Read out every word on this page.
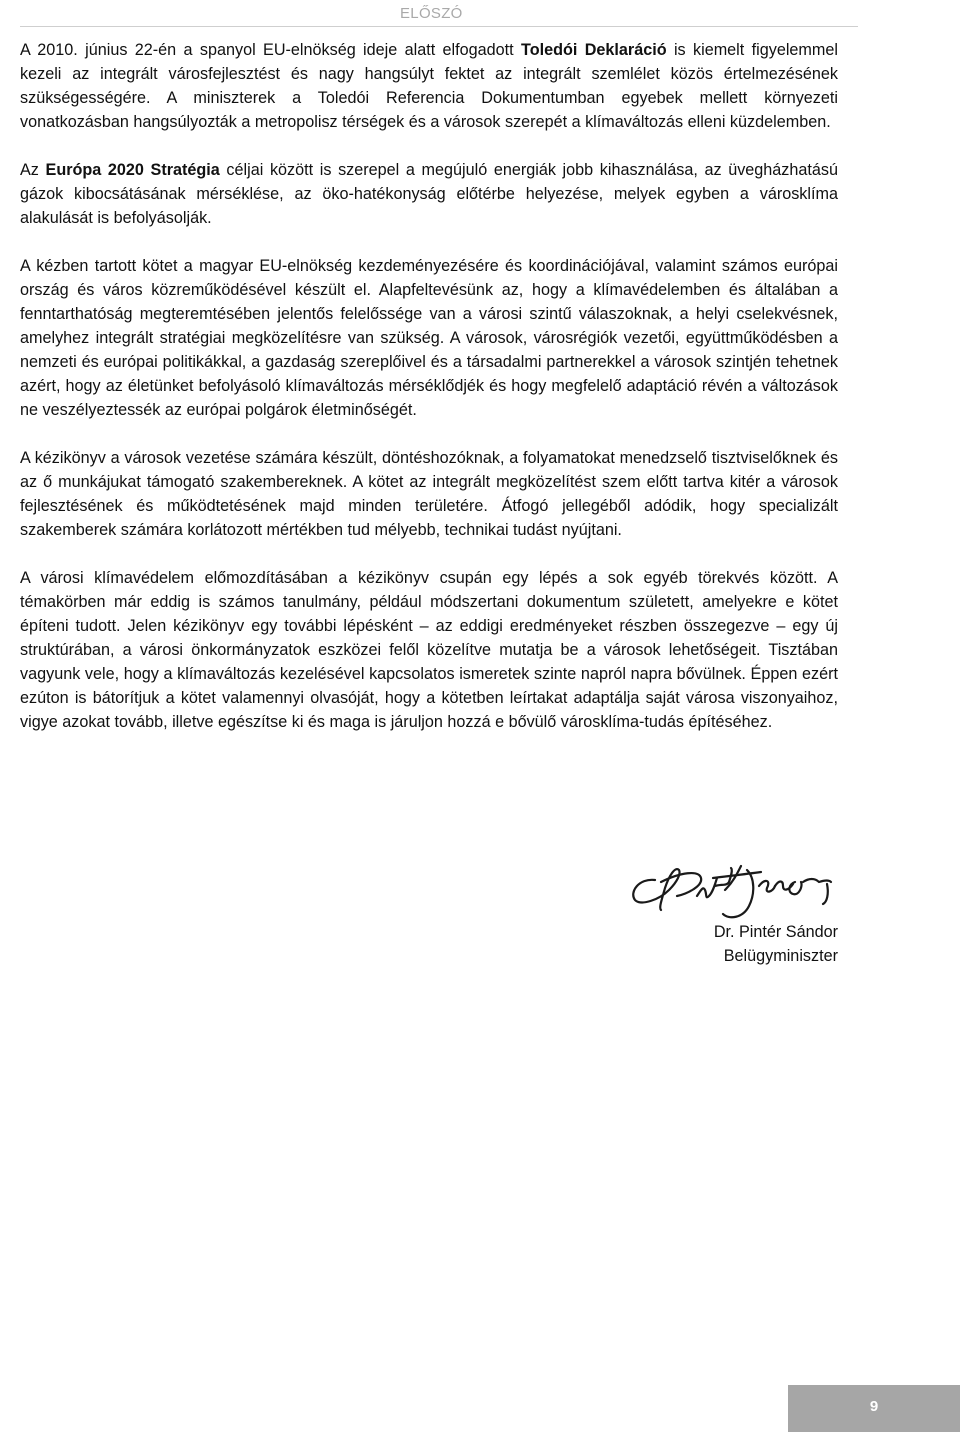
ELŐSZÓ

A 2010. június 22-én a spanyol EU-elnökség ideje alatt elfogadott Toledói Deklaráció is kiemelt figyelemmel kezeli az integrált városfejlesztést és nagy hangsúlyt fektet az integrált szemlélet közös értelmezésének szükségességére. A miniszterek a Toledói Referencia Dokumentumban egyebek mellett környezeti vonatkozásban hangsúlyozták a metropolisz térségek és a városok szerepét a klímaváltozás elleni küzdelemben.

Az Európa 2020 Stratégia céljai között is szerepel a megújuló energiák jobb kihasználása, az üvegházhatású gázok kibocsátásának mérséklése, az öko-hatékonyság előtérbe helyezése, melyek egyben a városklíma alakulását is befolyásolják.

A kézben tartott kötet a magyar EU-elnökség kezdeményezésére és koordinációjával, valamint számos európai ország és város közreműködésével készült el. Alapfeltevésünk az, hogy a klímavédelemben és általában a fenntarthatóság megteremtésében jelentős felelőssége van a városi szintű válaszoknak, a helyi cselekvésnek, amelyhez integrált stratégiai megközelítésre van szükség. A városok, városrégiók vezetői, együttműködésben a nemzeti és európai politikákkal, a gazdaság szereplőivel és a társadalmi partnerekkel a városok szintjén tehetnek azért, hogy az életünket befolyásoló klímaváltozás mérséklődjék és hogy megfelelő adaptáció révén a változások ne veszélyeztessék az európai polgárok életminőségét.

A kézikönyv a városok vezetése számára készült, döntéshozóknak, a folyamatokat menedzselő tisztviselőknek és az ő munkájukat támogató szakembereknek. A kötet az integrált megközelítést szem előtt tartva kitér a városok fejlesztésének és működtetésének majd minden területére. Átfogó jellegéből adódik, hogy specializált szakemberek számára korlátozott mértékben tud mélyebb, technikai tudást nyújtani.

A városi klímavédelem előmozdításában a kézikönyv csupán egy lépés a sok egyéb törekvés között. A témakörben már eddig is számos tanulmány, például módszertani dokumentum született, amelyekre e kötet építeni tudott. Jelen kézikönyv egy további lépésként – az eddigi eredményeket részben összegezve – egy új struktúrában, a városi önkormányzatok eszközei felől közelítve mutatja be a városok lehetőségeit. Tisztában vagyunk vele, hogy a klímaváltozás kezelésével kapcsolatos ismeretek szinte napról napra bővülnek. Éppen ezért ezúton is bátorítjuk a kötet valamennyi olvasóját, hogy a kötetben leírtakat adaptálja saját városa viszonyaihoz, vigye azokat tovább, illetve egészítse ki és maga is járuljon hozzá e bővülő városklíma-tudás építéséhez.

Dr. Pintér Sándor
Belügyminiszter
9
